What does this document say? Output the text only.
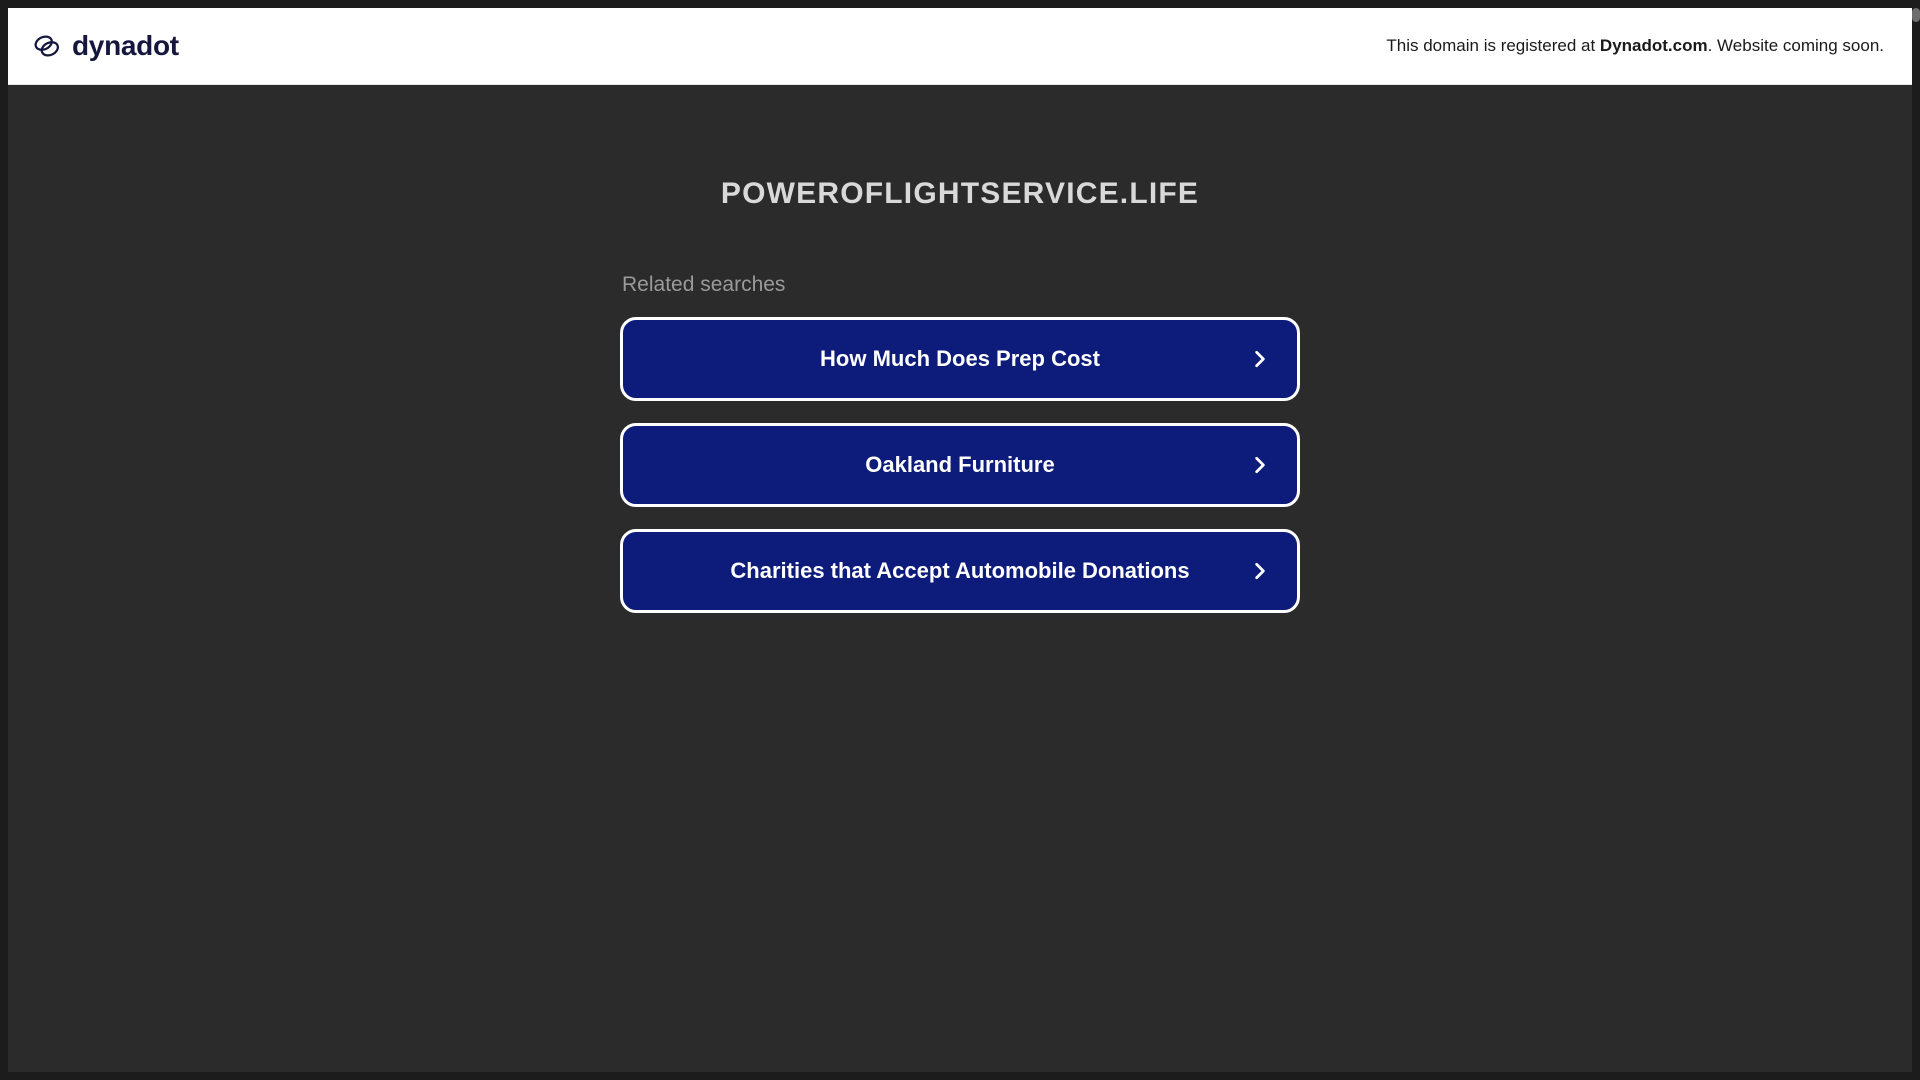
dynadot	This domain is registered at Dynadot.com. Website coming soon.
POWEROFLIGHTSERVICE.LIFE
Related searches
How Much Does Prep Cost
Oakland Furniture
Charities that Accept Automobile Donations
